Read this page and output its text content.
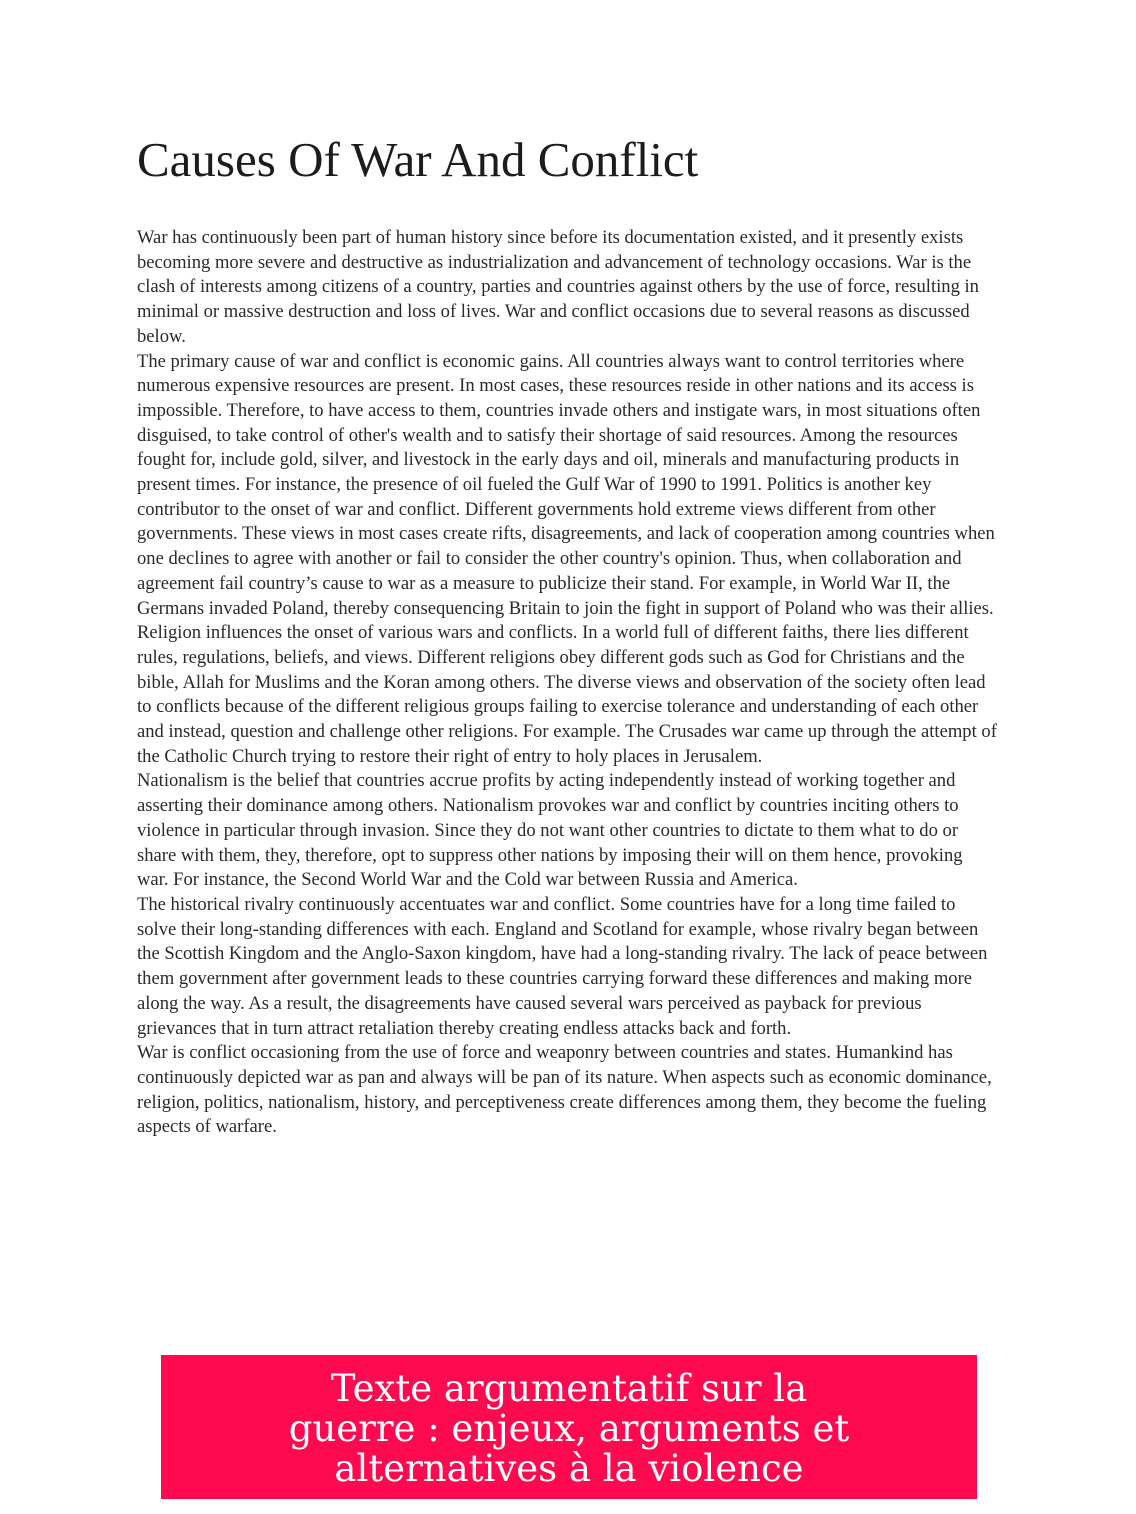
Causes Of War And Conflict

War has continuously been part of human history since before its documentation existed, and it presently exists becoming more severe and destructive as industrialization and advancement of technology occasions. War is the clash of interests among citizens of a country, parties and countries against others by the use of force, resulting in minimal or massive destruction and loss of lives. War and conflict occasions due to several reasons as discussed below.

The primary cause of war and conflict is economic gains. All countries always want to control territories where numerous expensive resources are present. In most cases, these resources reside in other nations and its access is impossible. Therefore, to have access to them, countries invade others and instigate wars, in most situations often disguised, to take control of other's wealth and to satisfy their shortage of said resources. Among the resources fought for, include gold, silver, and livestock in the early days and oil, minerals and manufacturing products in present times. For instance, the presence of oil fueled the Gulf War of 1990 to 1991. Politics is another key contributor to the onset of war and conflict. Different governments hold extreme views different from other governments. These views in most cases create rifts, disagreements, and lack of cooperation among countries when one declines to agree with another or fail to consider the other country's opinion. Thus, when collaboration and agreement fail country’s cause to war as a measure to publicize their stand. For example, in World War II, the Germans invaded Poland, thereby consequencing Britain to join the fight in support of Poland who was their allies.

Religion influences the onset of various wars and conflicts. In a world full of different faiths, there lies different rules, regulations, beliefs, and views. Different religions obey different gods such as God for Christians and the bible, Allah for Muslims and the Koran among others. The diverse views and observation of the society often lead to conflicts because of the different religious groups failing to exercise tolerance and understanding of each other and instead, question and challenge other religions. For example. The Crusades war came up through the attempt of the Catholic Church trying to restore their right of entry to holy places in Jerusalem.

Nationalism is the belief that countries accrue profits by acting independently instead of working together and asserting their dominance among others. Nationalism provokes war and conflict by countries inciting others to violence in particular through invasion. Since they do not want other countries to dictate to them what to do or share with them, they, therefore, opt to suppress other nations by imposing their will on them hence, provoking war. For instance, the Second World War and the Cold war between Russia and America.

The historical rivalry continuously accentuates war and conflict. Some countries have for a long time failed to solve their long-standing differences with each. England and Scotland for example, whose rivalry began between the Scottish Kingdom and the Anglo-Saxon kingdom, have had a long-standing rivalry. The lack of peace between them government after government leads to these countries carrying forward these differences and making more along the way. As a result, the disagreements have caused several wars perceived as payback for previous grievances that in turn attract retaliation thereby creating endless attacks back and forth.

War is conflict occasioning from the use of force and weaponry between countries and states. Humankind has continuously depicted war as pan and always will be pan of its nature. When aspects such as economic dominance, religion, politics, nationalism, history, and perceptiveness create differences among them, they become the fueling aspects of warfare.

Texte argumentatif sur la guerre : enjeux, arguments et alternatives à la violence
